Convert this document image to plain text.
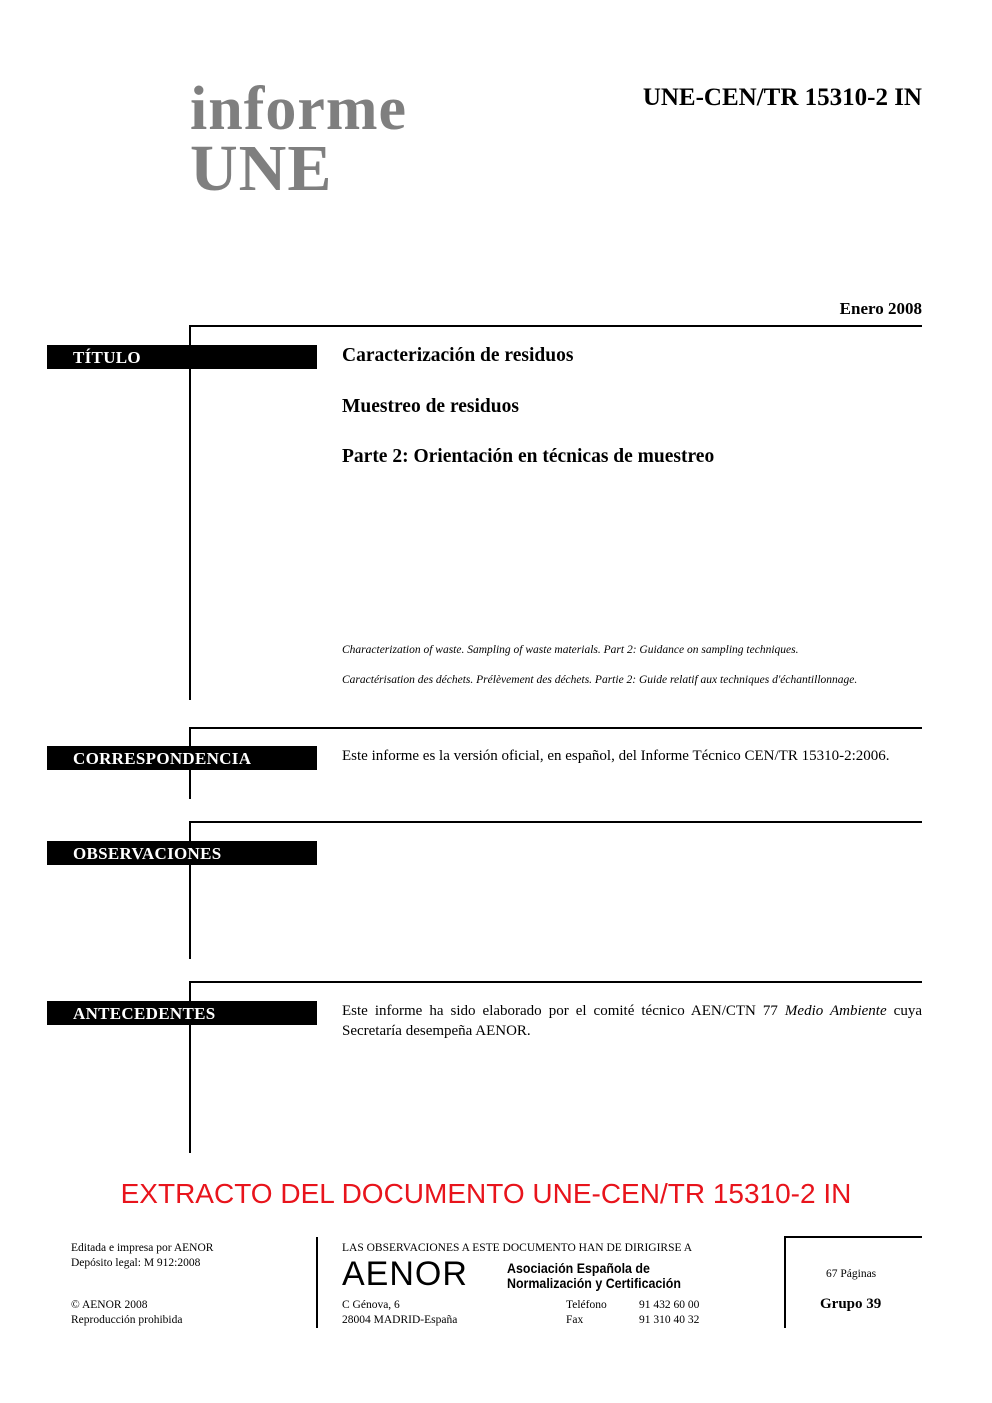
informe
UNE
UNE-CEN/TR 15310-2 IN
Enero 2008
TÍTULO	Caracterización de residuos
Muestreo de residuos
Parte 2: Orientación en técnicas de muestreo
Characterization of waste. Sampling of waste materials. Part 2: Guidance on sampling techniques.
Caractérisation des déchets. Prélèvement des déchets. Partie 2: Guide relatif aux techniques d'échantillonnage.
CORRESPONDENCIA	Este informe es la versión oficial, en español, del Informe Técnico CEN/TR 15310-2:2006.
OBSERVACIONES
ANTECEDENTES	Este informe ha sido elaborado por el comité técnico AEN/CTN 77 Medio Ambiente cuya Secretaría desempeña AENOR.
EXTRACTO DEL DOCUMENTO UNE-CEN/TR 15310-2 IN
Editada e impresa por AENOR
Depósito legal: M 912:2008
© AENOR 2008
Reproducción prohibida
LAS OBSERVACIONES A ESTE DOCUMENTO HAN DE DIRIGIRSE A
AENOR	Asociación Española de
Normalización y Certificación
C Génova, 6
28004 MADRID-España
Teléfono	91 432 60 00
Fax	91 310 40 32
67 Páginas
Grupo 39
